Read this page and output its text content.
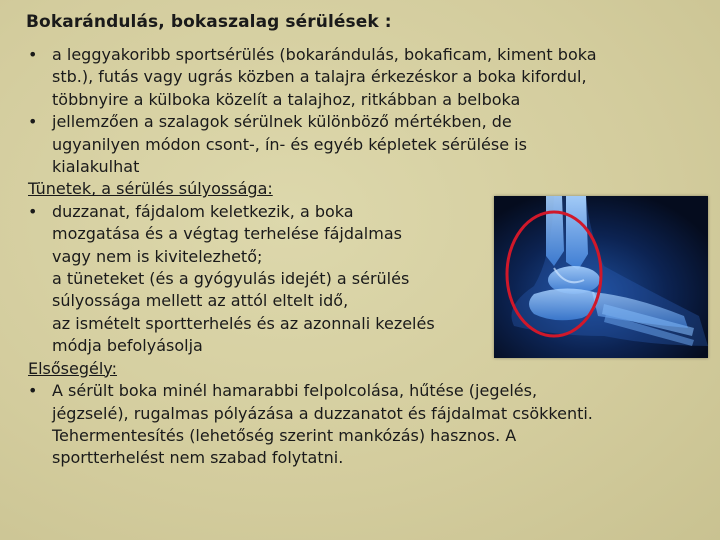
Bokarándulás, bokaszalag sérülések :
• a leggyakoribb sportsérülés (bokarándulás, bokaficam, kiment boka
stb.), futás vagy ugrás közben a talajra érkezéskor a boka kifordul,
többnyire a külboka közelít a talajhoz, ritkábban a belboka
• jellemzően a szalagok sérülnek különböző mértékben, de
ugyanilyen módon csont-, ín- és egyéb képletek sérülése is
kialakulhat
Tünetek, a sérülés súlyossága:
• duzzanat, fájdalom keletkezik, a boka
mozgatása és a végtag terhelése fájdalmas
vagy nem is kivitelezhető;
a tüneteket (és a gyógyulás idejét) a sérülés
súlyossága mellett az attól eltelt idő,
az ismételt sportterhelés és az azonnali kezelés
módja befolyásolja
Elsősegély:
• A sérült boka minél hamarabbi felpolcolása, hűtése (jegelés,
jégzselé), rugalmas pólyázása a duzzanatot és fájdalmat csökkenti.
Tehermentesítés (lehetőség szerint mankózás) hasznos. A
sportterhelést nem szabad folytatni.
